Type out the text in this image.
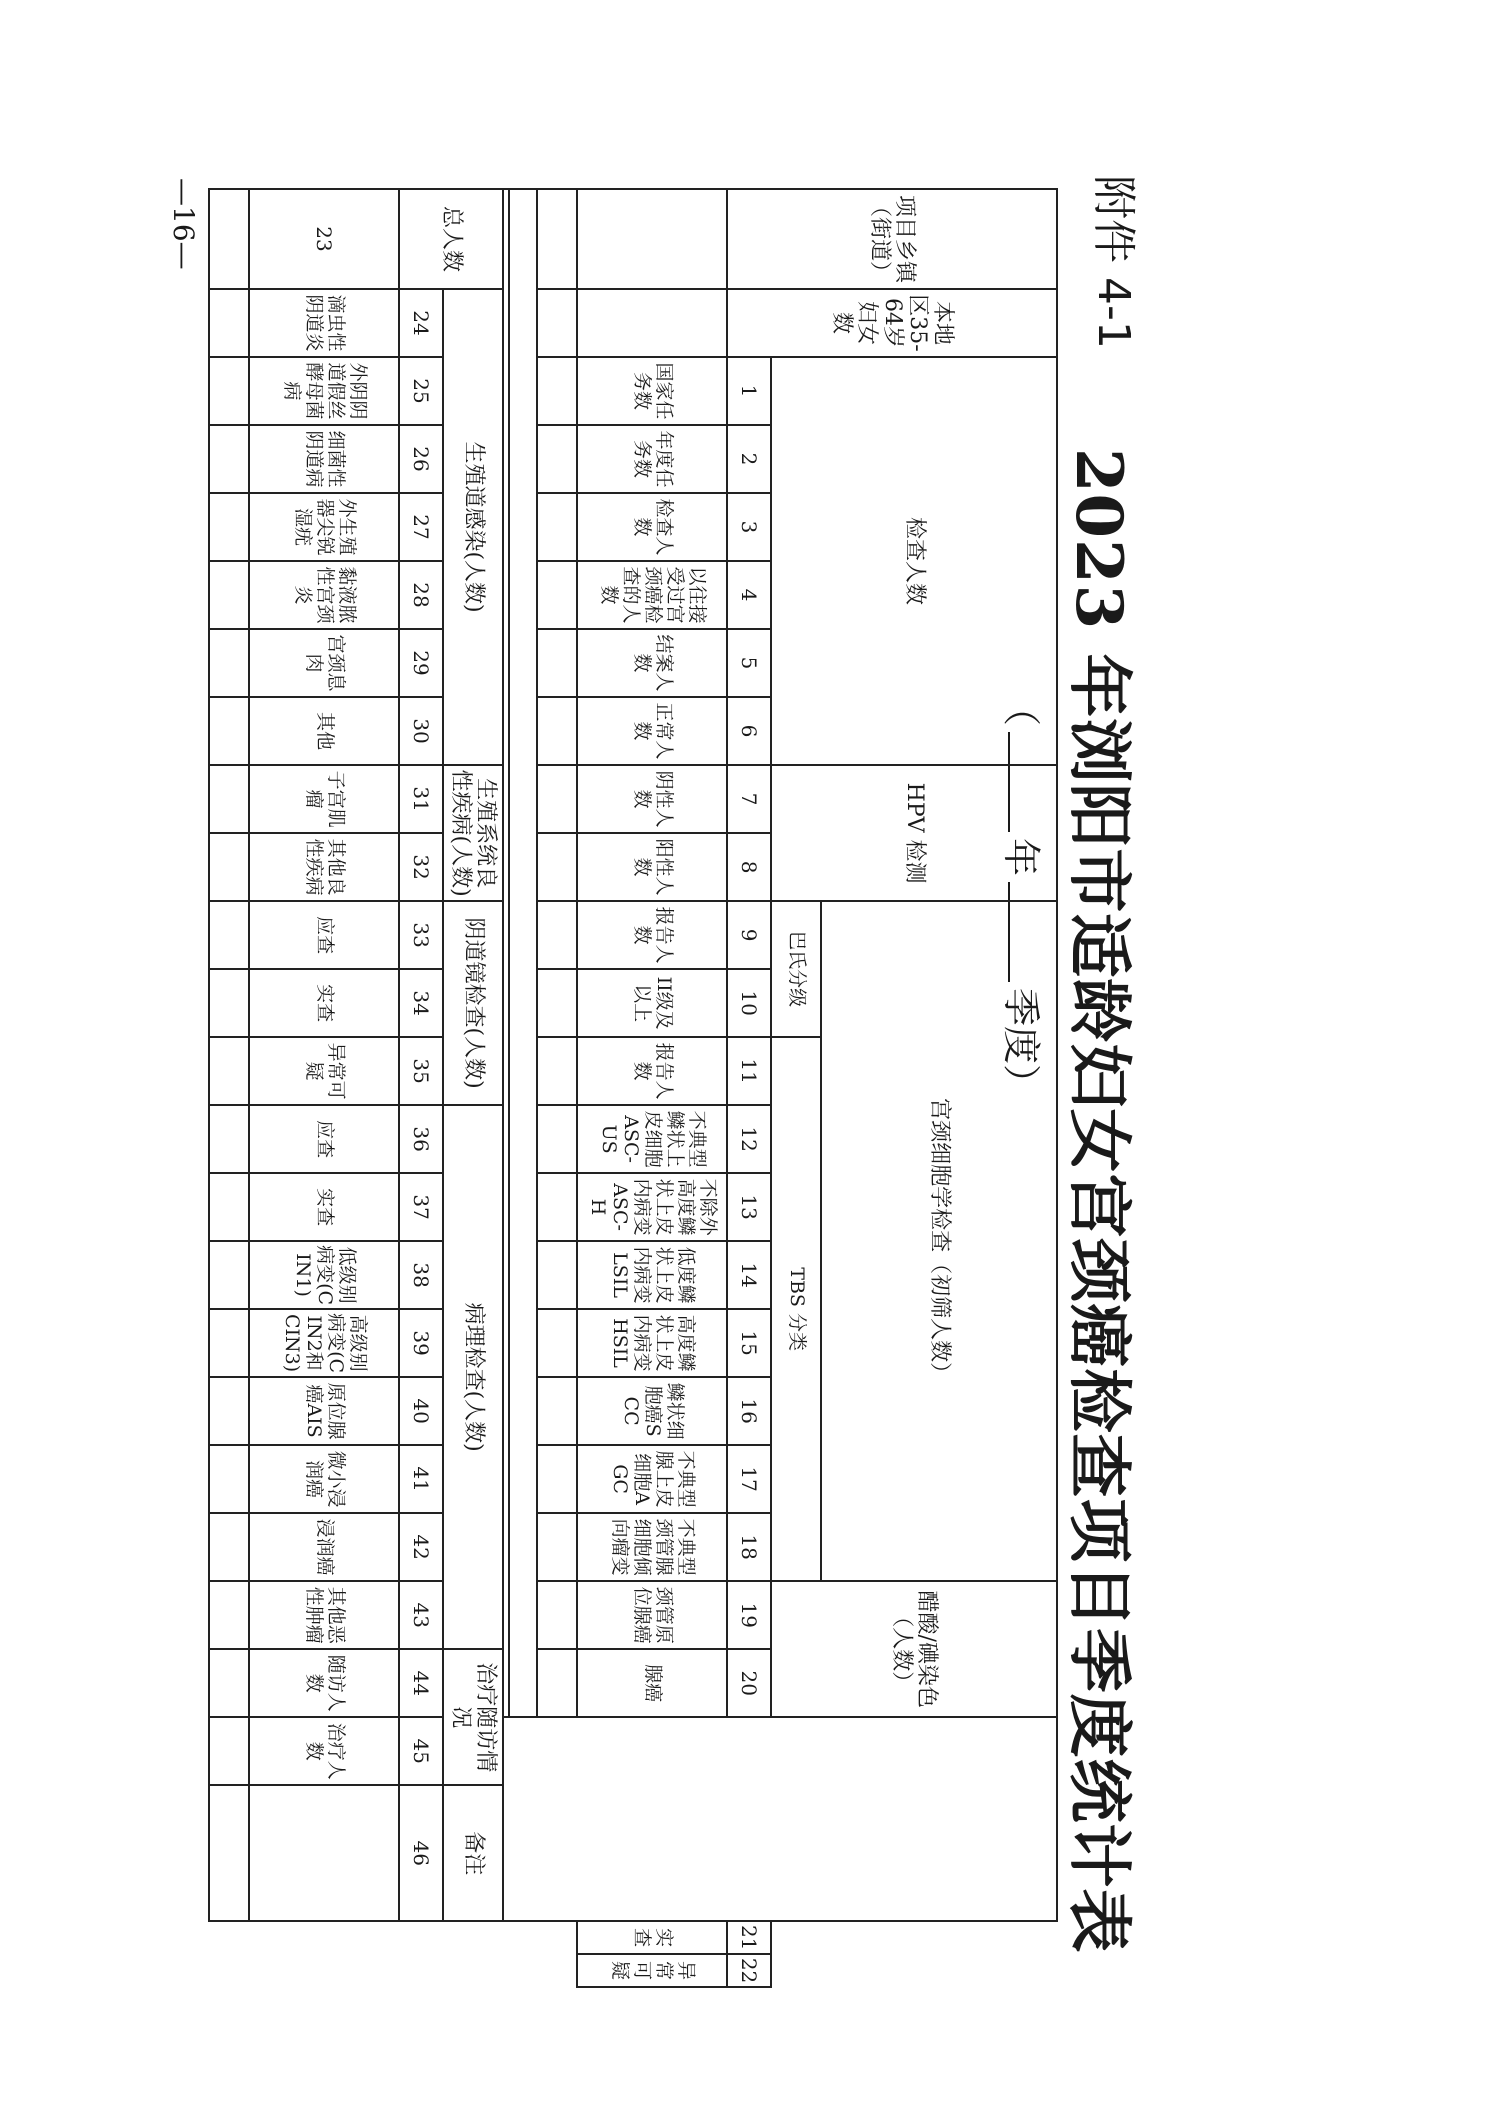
附件 4-1
—16—
2023 年浏阳市适龄妇女宫颈癌检查项目季度统计表
（年季度）
项目乡镇（街道）	本地区35-64岁妇女数	检查人数						HPV 检测		宫颈细胞学检查（初筛人数）										醋酸/碘染色（人数）					
										巴氏分级		TBS 分类													
		1	2	3	4	5	6	7	8	9	10	11	12	13	14	15	16	17	18	19	20			21	22
		国家任务数	年度任务数	检查人数	以往接受过宫颈癌检查的人数	结案人数	正常人数	阴性人数	阳性人数	报告人数	II级及以上	报告人数	不典型鳞状上皮细胞ASC-US	不除外高度鳞状上皮内病变ASC-H	低度鳞状上皮内病变LSIL	高度鳞状上皮内病变HSIL	鳞状细胞癌SCC	不典型腺上皮细胞AGC	不典型颈管腺细胞倾向瘤变	颈管原位腺癌	腺癌			实查	异常可疑

总人数	生殖道感染(人数)							生殖系统良性疾病(人数)		阴道镜检查(人数)			病理检查(人数)								治疗随访情况		备注		
	24	25	26	27	28	29	30	31	32	33	34	35	36	37	38	39	40	41	42	43	44	45	46		
23	滴虫性阴道炎	外阴阴道假丝酵母菌病	细菌性阴道病	外生殖器尖锐湿疣	黏液脓性宫颈炎	宫颈息肉	其他	子宫肌瘤	其他良性疾病	应查	实查	异常可疑	应查	实查	低级别病变(CIN1)	高级别病变(CIN2和CIN3)	原位腺癌AIS	微小浸润癌	浸润癌	其他恶性肿瘤	随访人数	治疗人数			
